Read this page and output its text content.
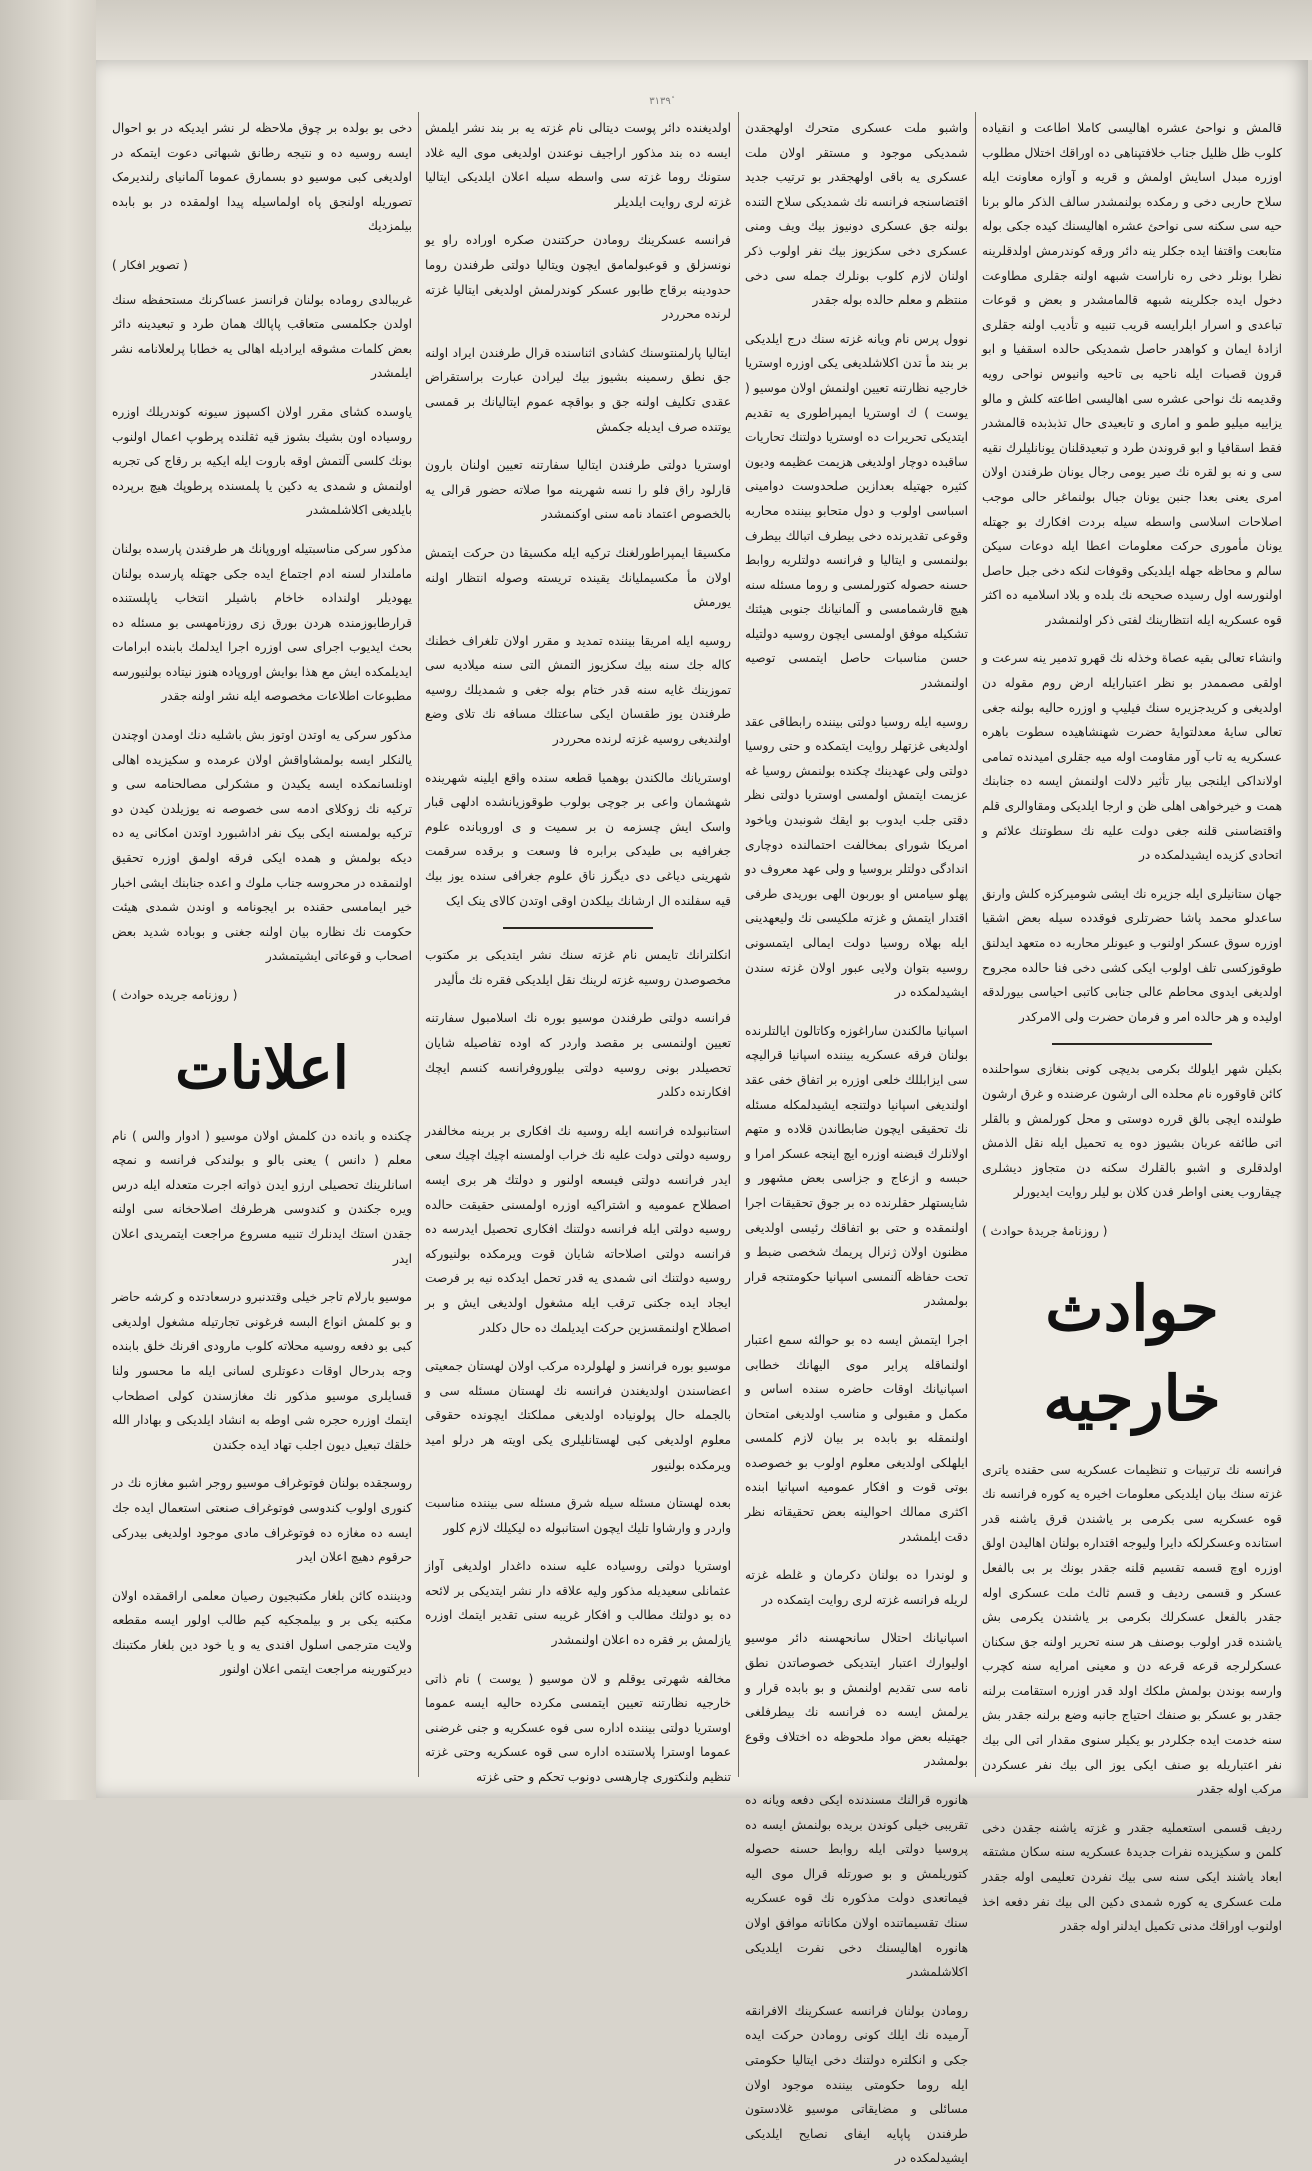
٣١٣٩ٔ

قالمش و نواحئ عشره اهالیسی کاملا اطاعت و انقیاده کلوب ظل ظلیل جناب خلافتپناهی ده اوراقك اختلال مطلوب اوزره مبدل اسایش اولمش و قریه و آوازه معاونت ایله سلاح حاربی دخی و رمکده بولنمشدر سالف الذکر مالو برنا حیه سی سکنه سی نواحئ عشره اهالیسنك کیده جکی بوله متابعت واقتفا ایده جکلر ینه دائر ورقه کوندرمش اولدقلرینه نظرا بونلر دخی ره ناراست شبهه اولنه جقلری مطاوعت دخول ایده جکلرینه شبهه قالمامشدر و بعض و قوعات تباعدی و اسرار ابلرایسه قریب تنبیه و تأدیب اولنه جقلری ازادهٔ ایمان و کواهدر حاصل شمدیکی حالده اسقفیا و ابو قرون قصبات ایله ناحیه بی تاحیه وانیوس نواحی رویه وقدیمه نك نواحی عشره سی اهالیسی اطاعته کلش و مالو یزاییه میلیو طمو و اماری و تابعیدی حال تذبذبده قالمشدر فقط اسقافیا و ابو قروندن طرد و تبعیدقلنان یونانلیلرك نقیه سی و نه بو لقره نك صیر یومی رجال یونان طرفندن اولان امری یعنی بعدا جنبن یونان جبال بولنماغر حالی موجب اصلاحات اسلاسی واسطه سیله بردت افکارك بو جهتله یونان مأموری حرکت معلومات اعطا ایله دوعات سیکن سالم و محاظه جهله ایلدیکی وقوفات لنکه دخی جبل حاصل اولنورسه اول رسیده صحیحه نك بلده و بلاد اسلامیه ده اکثر قوه عسکریه ایله انتظارینك لفتی ذکر اولنمشدر

وانشاء تعالی بقیه عصاة وخذله نك قهرو تدمیر ینه سرعت و اولقی مصممدر بو نظر اعتبارایله ارض روم مقوله دن اولدیغی و کریدجزیره سنك فیلیپ و اوزره حالیه بولنه جغی تعالی سایهٔ معدلتوایهٔ حضرت شهنشاهیده سطوت باهره عسکریه یه تاب آور مقاومت اوله میه جقلری امیدنده تمامی اولانداکی ایلنجی بیار تأثیر دلالت اولنمش ایسه ده جنابنك همت و خیرخواهی اهلی ظن و ارجا ایلدیکی ومقاوالری قلم واقتضاسنی قلنه جغی دولت علیه نك سطوتنك علائم و اتحادی کزیده ایشیدلمکده در

جهان ستانیلری ایله جزیره نك ایشی شومیرکزه کلش وارنق ساعدلو محمد پاشا حضرتلری فوقدده سیله بعض اشقیا اوزره سوق عسکر اولنوب و عیونلر محاربه ده متعهد ایدلنق طوقوزکسی تلف اولوب ایکی کشی دخی فنا حالده مجروح اولدیغی ایدوی محاطم عالی جنابی کاتبی احیاسی بیورلدقه اولیده و هر حالده امر و فرمان حضرت ولی الامرکدر

بکیلن شهر ایلولك بکرمی بدیچی کونی بنغازی سواحلنده کائن قاوقوره نام محلده الی ارشون عرضنده و غرق ارشون طولنده ایچی بالق قرره دوستی و محل کورلمش و بالقلر اتی طائفه عربان بشیوز دوه یه تحمیل ایله نقل الذمش اولدقلری و اشبو بالقلرك سکنه دن متجاوز دیشلری چیقاروب یعنی اواطر فدن کلان بو لیلر روایت ایدیورلر

( روزنامهٔ جریدهٔ حوادث )
حوادث خارجیه

فرانسه نك ترتیبات و تنظیمات عسکریه سی حقنده یاتری غزته سنك بیان ایلدیکی معلومات اخیره یه کوره فرانسه نك قوه عسکریه سی بکرمی بر یاشندن قرق یاشنه قدر استانده وعسکرلکه دایرا ولیوجه اقتداره بولنان اهالیدن اولق اوزره اوچ قسمه تقسیم قلنه جقدر بونك بر بی بالفعل عسکر و قسمی ردیف و قسم ثالث ملت عسکری اوله جقدر بالفعل عسکرلك بکرمی بر یاشندن یکرمی بش یاشنده قدر اولوب بوصنف هر سنه تحریر اولنه جق سکنان عسکرلرجه قرعه قرعه دن و معینی امرایه سنه کچرب وارسه بوندن بولمش ملکك اولد قدر اوزره استقامت برلنه جقدر بو عسکر بو صنفك احتیاج جانبه وضع برلنه جقدر بش سنه خدمت ایده جکلردر بو یکیلر سنوی مقدار اتی الی بیك نفر اعتباریله بو صنف ایکی یوز الی بیك نفر عسکردن مرکب اوله جقدر

ردیف قسمی استعملیه جقدر و غزته یاشنه جقدن دخی کلمن و سکیزیده نفرات جدیدهٔ عسکریه سنه سکان مشتقه ابعاد یاشند ایکی سنه سی بیك نفردن تعلیمی اوله جقدر ملت عسکری یه کوره شمدی دکین الی بیك نفر دفعه اخذ اولنوب اوراقك مدنی تکمیل ایدلنر اوله جقدر

واشبو ملت عسکری متحرك اولهجقدن شمدیکی موجود و مستقر اولان ملت عسکری یه باقی اولهجقدر بو ترتیب جدید اقتضاسنجه فرانسه نك شمدیکی سلاح التنده بولنه جق عسکری دونیوز بیك ویف ومنی عسکری دخی سکزیوز بیك نفر اولوب ذکر اولنان لازم کلوب بونلرك جمله سی دخی منتظم و معلم حالده بوله جقدر

نوول پرس نام ویانه غزته سنك درج ایلدیکی بر بند مأ تدن اکلاشلدیغی یکی اوزره اوستریا خارجیه نظارتنه تعیین اولنمش اولان موسیو ( یوست ) ك اوستریا ایمپراطوری یه تقدیم ایتدیکی تحریرات ده اوستریا دولتنك تحاریات ساقبده دوچار اولدیغی هزیمت عظیمه ودیون کثیره جهتیله بعدازین صلحدوست دوامینی اسباسی اولوب و دول متحابو بیننده محاربه وقوعی تقدیرنده دخی بیطرف اتبالك بیطرف بولنمسی و ایتالیا و فرانسه دولتلریه روابط حسنه حصوله کتورلمسی و روما مسئله سنه هیچ قارشمامسی و آلمانیانك جنوبی هیئتك تشکیله موفق اولمسی ایچون روسیه دولتیله حسن مناسبات حاصل ایتمسی توصیه اولنمشدر

روسیه ایله روسیا دولتی بیننده رابطاقی عقد اولدیغی غزتهلر روایت ایتمکده و حتی روسیا دولتی ولی عهدینك چکنده بولنمش روسیا غه عزیمت ایتمش اولمسی اوستریا دولتی نظر دقتی جلب ایدوب بو ایقك شونبدن ویاخود امریکا شورای بمخالفت احتمالنده دوچاری اندادگی دولتلر بروسیا و ولی عهد معروف دو پهلو سیامس او بوربون الهی بوریدی طرفی اقتدار ایتمش و غزته ملکیسی نك ولیعهدینی ایله بهلاه روسیا دولت ایمالی ایتمسونی روسیه بتوان ولایی عبور اولان غزته سندن ایشیدلمکده در

اسپانیا مالکندن ساراغوزه وکاتالون ایالتلرنده بولنان فرقه عسکریه بیننده اسپانیا قرالیچه سی ایزابللك خلعی اوزره بر اتفاق خفی عقد اولندیغی اسپانیا دولتنجه ایشیدلمكله مسئله نك تحقیقی ایچون ضابطاندن قلاده و متهم اولانلرك قبضنه اوزره ایچ اینجه عسکر امرا و حبسه و ازعاج و جزاسی بعض مشهور و شایستهلر حقلرنده ده بر جوق تحقیقات اجرا اولنمقده و حتی بو اتفاقك رئیسی اولدیغی مظنون اولان ژنرال پریمك شخصی ضبط و تحت حفاظه آلنمسی اسپانیا حکومتنجه قرار بولمشدر

اجرا ایتمش ایسه ده بو حوالئه سمع اعتبار اولنماقله پرایر موی الیهانك خطابی اسپانیانك اوقات حاضره سنده اساس و مکمل و مقبولی و مناسب اولدیغی امتحان اولنمقله بو بابده بر بیان لازم کلمسی ایلهلکی اولدیغی معلوم اولوب بو خصوصده بوتی قوت و افکار عمومیه اسپانیا ابنده اکثری ممالك احوالینه بعض تحقیقاته نظر دقت ایلمشدر

و لوندرا ده بولنان دکرمان و غلطه غزته لریله فرانسه غزته لری روایت ایتمکده در

اسپانیانك احتلال سانحهسنه دائر موسیو اولیوارك اعتبار ایتدیکی خصوصاتدن نطق نامه سی تقدیم اولنمش و بو بابده قرار و یرلمش ایسه ده فرانسه نك بیطرفلغی جهتیله بعض مواد ملحوظه ده اختلاف وقوع بولمشدر

هانوره قرالنك مسندنده ایکی دفعه ویانه ده تقریبی خیلی کوندن بریده بولنمش ایسه ده پروسیا دولتی ایله روابط حسنه حصوله کتوریلمش و بو صورتله قرال موی الیه فیماتعدی دولت مذکوره نك قوه عسکریه سنك تقسیماتنده اولان مکاناته موافق اولان هانوره اهالیسنك دخی نفرت ایلدیکی اکلاشلمشدر

رومادن بولنان فرانسه عسکرینك الافرانقه آرمیده نك ایلك کونی رومادن حرکت ایده جکی و انکلتره دولتنك دخی ایتالیا حکومتی ایله روما حکومتی بیننده موجود اولان مسائلی و مضایقاتی موسیو غلادستون طرفندن پاپایه ایفای نصایح ایلدیکی ایشیدلمکده در

اولدیغنده دائر پوست دیتالی نام غزته یه بر بند نشر ایلمش ایسه ده بند مذکور اراجیف نوعندن اولدیغی موی الیه غلاد ستونك روما غزته سی واسطه سیله اعلان ایلدیکی ایتالیا غزته لری روایت ایلدیلر

فرانسه عسکرینك رومادن حرکتندن صکره اوراده راو یو نونسزلق و قوعبولمامق ایچون ویتالیا دولتی طرفندن روما حدودینه برقاج طابور عسکر کوندرلمش اولدیغی ایتالیا غزته لرنده محرردر

ایتالیا پارلمنتوسنك کشادی اثناسنده قرال طرفندن ایراد اولنه جق نطق رسمینه بشیوز بیك لیرادن عبارت براستقراض عقدی تکلیف اولنه جق و بواقچه عموم ایتالیانك بر قمسی یوتنده صرف ایدیله جکمش

اوستریا دولتی طرفندن ایتالیا سفارتنه تعیین اولنان بارون قارلود راق فلو را نسه شهرینه موا صلاته حضور قرالی یه بالخصوص اعتماد نامه سنی اوکنمشدر

مکسیقا ایمپراطورلغنك ترکیه ایله مکسیقا دن حرکت ایتمش اولان مأ مکسیملیانك یقینده تریسته وصوله انتظار اولنه یورمش

روسیه ایله امریقا بیننده تمدید و مقرر اولان تلغراف خطنك کاله جك سنه بیك سکزیوز التمش التی سنه میلادیه سی تموزینك غایه سنه قدر ختام بوله جغی و شمدیلك روسیه طرفندن یوز طقسان ایکی ساعتلك مسافه نك تلای وضع اولندیغی روسیه غزته لرنده محرردر

اوستریانك مالکندن بوهمیا قطعه سنده واقع ایلینه شهرینده شهشمان واعی بر جوچی بولوب طوقوزیانشده ادلهی قبار واسک ایش چسزمه ن بر سمیت و ی اوروبانده علوم جغرافیه بی طیدکی برابره فا وسعت و برقده سرقمت شهرینی دیاغی دی دیگرز ناق علوم جغرافی سنده یوز بیك قیه سفلنده ال ارشانك بیلکدن اوقی اوتدن کالای ینک ایک

انکلترانك تایمس نام غزته سنك نشر ایتدیکی بر مکتوب مخصوصدن روسیه غزته لرینك نقل ایلدیکی فقره نك مألیدر

فرانسه دولتی طرفندن موسیو بوره نك اسلامبول سفارتنه تعیین اولنمسی بر مقصد واردر که اوده تفاصیله شایان تحصیلدر بونی روسیه دولتی بیلوروفرانسه کنسم ایچك افکارنده دکلدر

استانبولده فرانسه ایله روسیه نك افکاری بر برینه مخالفدر روسیه دولتی دولت علیه نك خراب اولمسنه اچیك اچیك سعی ایدر فرانسه دولتی فیسعه اولنور و دولتك هر بری ایسه اصطلاح عمومیه و اشتراکیه اوزره اولمسنی حقیقت حالده روسیه دولتی ایله فرانسه دولتنك افکاری تحصیل ایدرسه ده فرانسه دولتی اصلاحاته شایان قوت ویرمکده بولنیورکه روسیه دولتنك انی شمدی یه قدر تحمل ایدکده نیه بر فرصت ایجاد ایده جکنی ترقب ایله مشغول اولدیغی ایش و بر اصطلاح اولنمقسزین حرکت ایدیلمك ده حال دکلدر

موسیو بوره فرانسز و لهلولرده مرکب اولان لهستان جمعیتی اعضاسندن اولدیغندن فرانسه نك لهستان مسئله سی و بالجمله حال پولونیاده اولدیغی مملکتك ایچونده حقوقی معلوم اولدیغی کبی لهستانلیلری یکی اویته هر درلو امید ویرمکده بولنیور

بعده لهستان مسئله سیله شرق مسئله سی بیننده مناسبت واردر و وارشاوا تلیك ایچون استانبوله ده لیکیلك لازم کلور

اوستریا دولتی روسیاده علیه سنده داغدار اولدیغی آواز عثمانلی سعیدیله مذکور ولیه علاقه دار نشر ایتدیکی بر لائحه ده بو دولتك مطالب و افکار غریبه سنی تقدیر ایتمك اوزره یازلمش بر فقره ده اعلان اولنمشدر

مخالفه شهرتی یوقلم و لان موسیو ( یوست ) نام ذاتی خارجیه نظارتنه تعیین ایتمسی مکرده حالیه ایسه عموما اوستریا دولتی بیننده اداره سی فوه عسکریه و جنی غرضنی عموما اوسترا پلاستنده اداره سی قوه عسکریه وحتی غزته تنظیم ولنکتوری چارهسی دونوب تحکم و حتی غزته

دخی بو بولده بر چوق ملاحظه لر نشر ایدیکه در بو احوال ایسه روسیه ده و نتیجه رطانق شبهاتی دعوت ایتمکه در اولدیغی کبی موسیو دو بسمارق عموما آلمانیای رلندیرمک تصوریله اولنجق پاه اولماسیله پیدا اولمقده در بو بابده بیلمزدیك

( تصویر افکار )

غریبالدی روماده بولنان فرانسز عساکرنك مستحفظه سنك اولدن جکلمسی متعاقب پاپالك همان طرد و تبعیدینه دائر بعض کلمات مشوقه ایرادیله اهالی یه خطابا پرلعلانامه نشر ایلمشدر

یاوسده کشای مقرر اولان اکسپوز سیونه کوندریلك اوزره روسیاده اون بشیك بشوز قیه ثقلنده پرطوپ اعمال اولنوب بونك کلسی آلتمش اوقه باروت ایله ایکیه بر رقاج کی تجربه اولنمش و شمدی یه دکین یا پلمسنده پرطوپك هیچ برپرده بایلدیغی اکلاشلمشدر

مذکور سرکی مناسبتیله اوروپانك هر طرفندن پارسده بولنان ماملندار لسنه ادم اجتماع ایده جکی جهتله پارسده بولنان یهودیلر اولنداده خاخام باشیلر انتخاب یاپلستنده قرارطابوزمنده هردن بورق زی روزنامهسی بو مسئله ده بحث ایدیوب اجرای سی اوزره اجرا ایدلمك بابنده ابرامات ایدیلمکده ایش مع هذا بوایش اوروپاده هنوز نیتاده بولنیورسه مطبوعات اطلاعات مخصوصه ایله نشر اولنه جقدر

مذکور سرکی یه اوتدن اوتوز بش باشلیه دنك اومدن اوچندن یالنکلر ایسه بولمشاواقش اولان عرمده و سکیزیده اهالی اونلسانمکده ایسه یکیدن و مشکرلی مصالحنامه سی و ترکیه نك زوکلای ادمه سی خصوصه نه یوزیلدن کیدن دو ترکیه بولمسنه ایکی بیک نفر اداشبورد اوتدن امکانی یه ده دیکه بولمش و همده ایکی فرقه اولمق اوزره تحقیق اولنمقده در محروسه جناب ملوك و اعده جنابنك ایشی اخبار خیر ایمامسی حقنده بر ایجونامه و اوندن شمدی هیئت حکومت نك نظاره بیان اولنه جغنی و بوباده شدید بعض اصحاب و قوعاتی ایشیتمشدر

( روزنامه جریده حوادث )
اعلانات

چکنده و بانده دن کلمش اولان موسیو ( ادوار والس ) نام معلم ( دانس ) یعنی بالو و بولندکی فرانسه و نمچه اسانلرینك تحصیلی ارزو ایدن ذواته اجرت متعدله ایله درس ویره جکندن و کندوسی هرطرفك اصلاحخانه سی اولنه جقدن استك ایدنلرك تنبیه مسروع مراجعت ایتمریدی اعلان ایدر

موسیو بارلام تاجر خیلی وقتدنبرو درسعادتده و کرشه حاضر و بو کلمش انواع البسه فرغونی تجارتیله مشغول اولدیغی کبی بو دفعه روسیه محلاته کلوب مارودی افرنك خلق بابنده وجه بدرحال اوقات دعوتلری لسانی ایله ما محسور ولنا قسایلری موسیو مذکور نك مغازسندن کولی اصطحاب ایتمك اوزره حجره شی اوطه به انشاد ایلدیکی و بهادار الله خلقك تبعیل دیون اجلب تهاد ایده جکندن

روسجقده بولنان فوتوغراف موسیو روجر اشبو مغازه نك در کنوری اولوب کندوسی فوتوغراف صنعتی استعمال ایده جك ایسه ده مغازه ده فوتوغراف مادی موجود اولدیغی بیدرکی حرقوم دهیچ اعلان ایدر

ودیننده کائن بلغار مکتبجیون رصیان معلمی اراقمقده اولان مکتبه یکی بر و بیلمجکیه کیم طالب اولور ایسه مقطعه ولایت مترجمی اسلول افندی یه و یا خود دین بلغار مکتبنك دیرکتورینه مراجعت ایتمی اعلان اولنور
